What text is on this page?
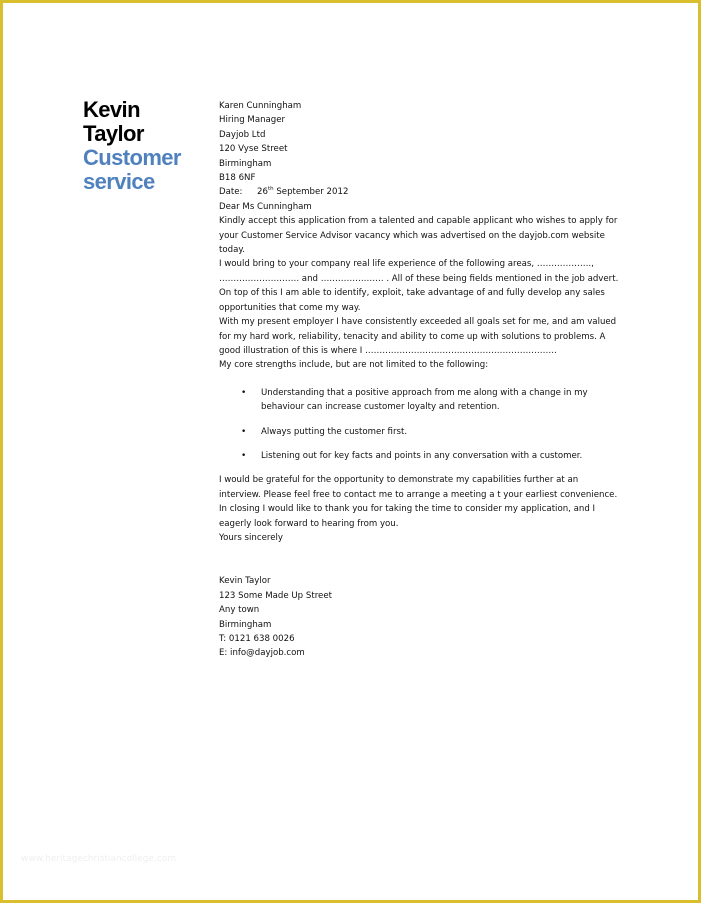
Kevin
Taylor
Customer
service

Karen Cunningham

Hiring Manager

Dayjob Ltd

120 Vyse Street

Birmingham

B18 6NF

Date: 26th September 2012

Dear Ms Cunningham

Kindly accept this application from a talented and capable applicant who wishes to apply for your Customer Service Advisor vacancy which was advertised on the dayjob.com website today.

I would bring to your company real life experience of the following areas, ………………., ………………………. and …………………. . All of these being fields mentioned in the job advert. On top of this I am able to identify, exploit, take advantage of and fully develop any sales opportunities that come my way.

With my present employer I have consistently exceeded all goals set for me, and am valued for my hard work, reliability, tenacity and ability to come up with solutions to problems. A good illustration of this is where I ………………………………………………………….

My core strengths include, but are not limited to the following:

• Understanding that a positive approach from me along with a change in my behaviour can increase customer loyalty and retention.
• Always putting the customer first.
• Listening out for key facts and points in any conversation with a customer.

I would be grateful for the opportunity to demonstrate my capabilities further at an interview. Please feel free to contact me to arrange a meeting a t your earliest convenience. In closing I would like to thank you for taking the time to consider my application, and I eagerly look forward to hearing from you.

Yours sincerely

Kevin Taylor

123 Some Made Up Street

Any town

Birmingham

T: 0121 638 0026

E: info@dayjob.com

www.heritagechristiancollege.com
